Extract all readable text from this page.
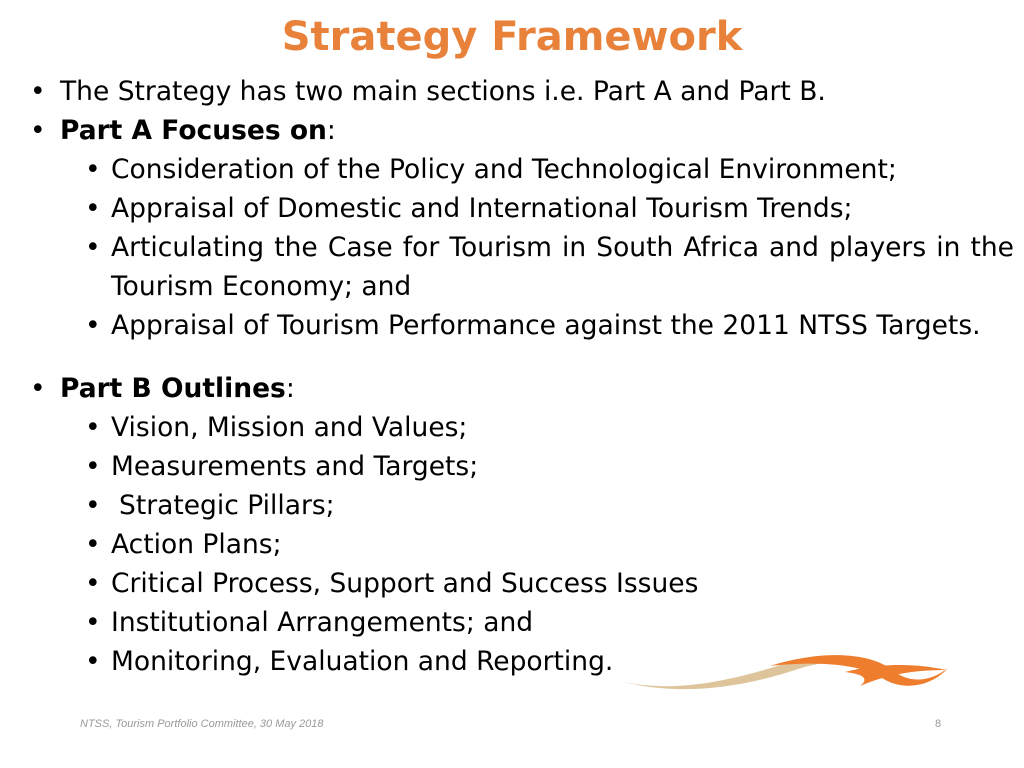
Strategy Framework
• The Strategy has two main sections i.e. Part A and Part B.
• Part A Focuses on:
• Consideration of the Policy and Technological Environment;
• Appraisal of Domestic and International Tourism Trends;
• Articulating the Case for Tourism in South Africa and players in the Tourism Economy; and
• Appraisal of Tourism Performance against the 2011 NTSS Targets.
• Part B Outlines:
• Vision, Mission and Values;
• Measurements and Targets;
• Strategic Pillars;
• Action Plans;
• Critical Process, Support and Success Issues
• Institutional Arrangements; and
• Monitoring, Evaluation and Reporting.
NTSS, Tourism Portfolio Committee, 30 May 2018	8
